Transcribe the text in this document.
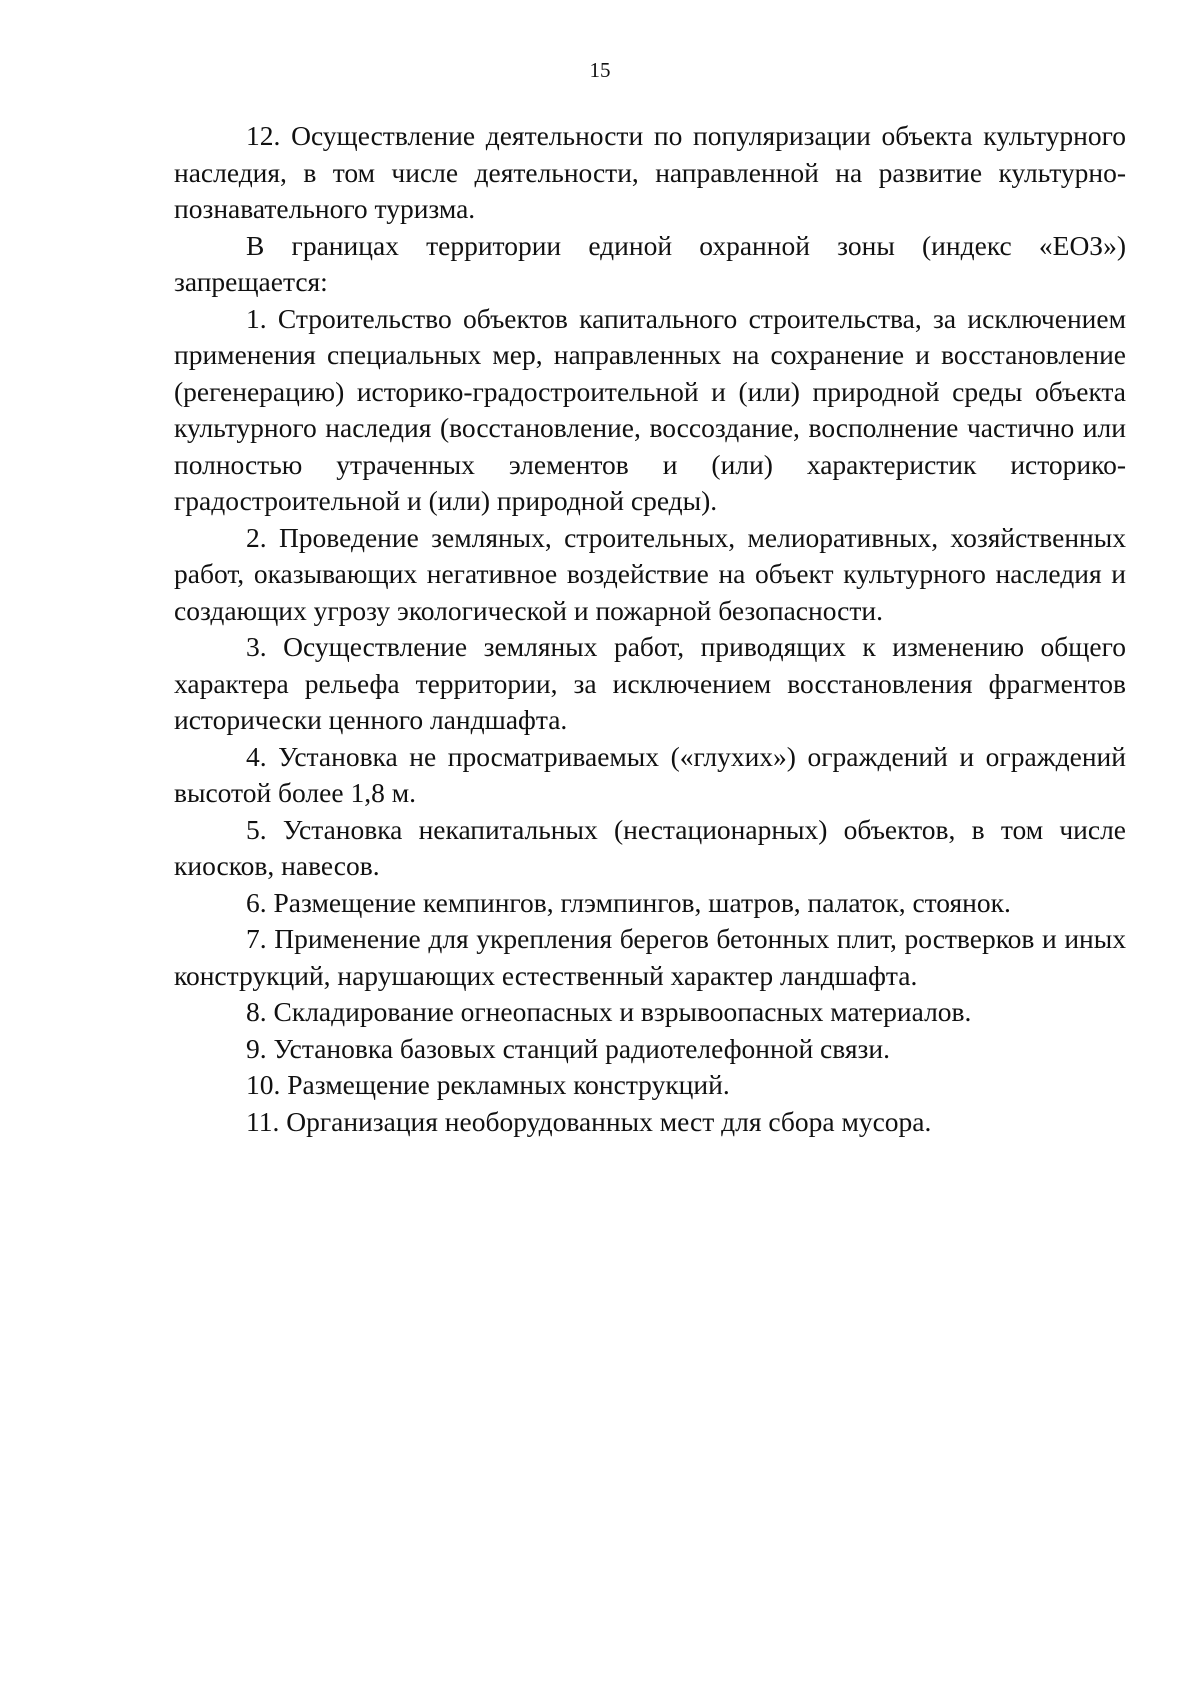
15

12. Осуществление деятельности по популяризации объекта культурного наследия, в том числе деятельности, направленной на развитие культурно-познавательного туризма.

В границах территории единой охранной зоны (индекс «ЕОЗ») запрещается:

1. Строительство объектов капитального строительства, за исключением применения специальных мер, направленных на сохранение и восстановление (регенерацию) историко-градостроительной и (или) природной среды объекта культурного наследия (восстановление, воссоздание, восполнение частично или полностью утраченных элементов и (или) характеристик историко-градостроительной и (или) природной среды).

2. Проведение земляных, строительных, мелиоративных, хозяйственных работ, оказывающих негативное воздействие на объект культурного наследия и создающих угрозу экологической и пожарной безопасности.

3. Осуществление земляных работ, приводящих к изменению общего характера рельефа территории, за исключением восстановления фрагментов исторически ценного ландшафта.

4. Установка не просматриваемых («глухих») ограждений и ограждений высотой более 1,8 м.

5. Установка некапитальных (нестационарных) объектов, в том числе киосков, навесов.

6. Размещение кемпингов, глэмпингов, шатров, палаток, стоянок.

7. Применение для укрепления берегов бетонных плит, ростверков и иных конструкций, нарушающих естественный характер ландшафта.

8. Складирование огнеопасных и взрывоопасных материалов.

9. Установка базовых станций радиотелефонной связи.

10. Размещение рекламных конструкций.

11. Организация необорудованных мест для сбора мусора.
